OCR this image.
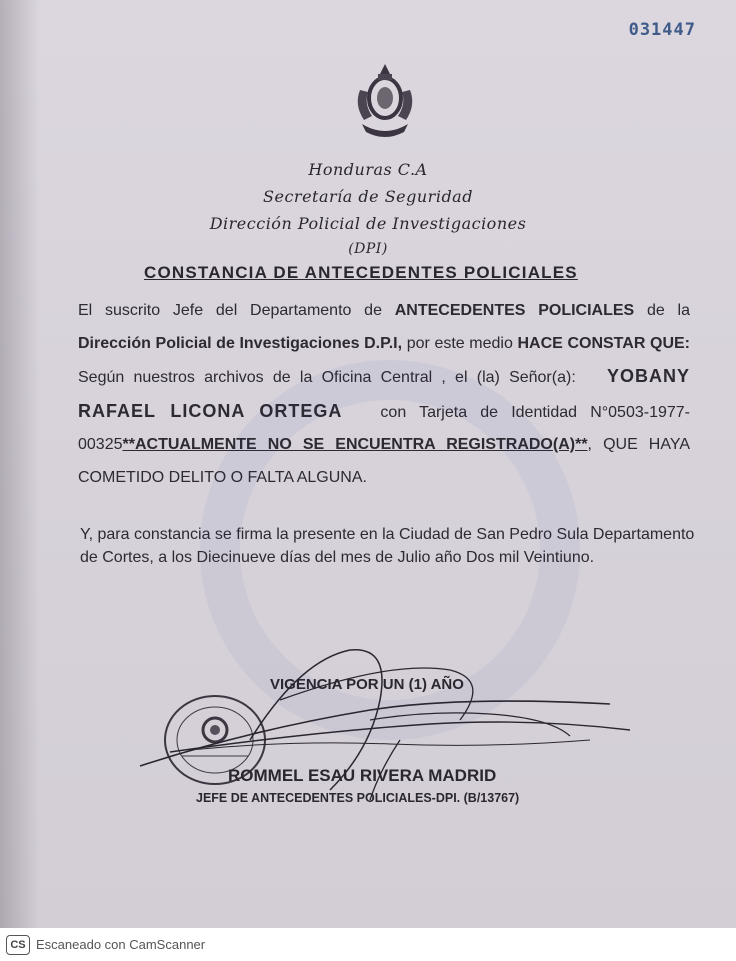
031447
Honduras C.A
Secretaría de Seguridad
Dirección Policial de Investigaciones
(DPI)
CONSTANCIA DE ANTECEDENTES POLICIALES
El suscrito Jefe del Departamento de ANTECEDENTES POLICIALES de la Dirección Policial de Investigaciones D.P.I, por este medio HACE CONSTAR QUE: Según nuestros archivos de la Oficina Central , el (la) Señor(a): YOBANY RAFAEL LICONA ORTEGA con Tarjeta de Identidad N°0503-1977-00325**ACTUALMENTE NO SE ENCUENTRA REGISTRADO(A)**, QUE HAYA COMETIDO DELITO O FALTA ALGUNA.
Y, para constancia se firma la presente en la Ciudad de San Pedro Sula Departamento de Cortes, a los Diecinueve días del mes de Julio año Dos mil Veintiuno.
VIGENCIA POR UN (1) AÑO
ROMMEL ESAU RIVERA MADRID
JEFE DE ANTECEDENTES POLICIALES-DPI. (B/13767)
CS Escaneado con CamScanner
